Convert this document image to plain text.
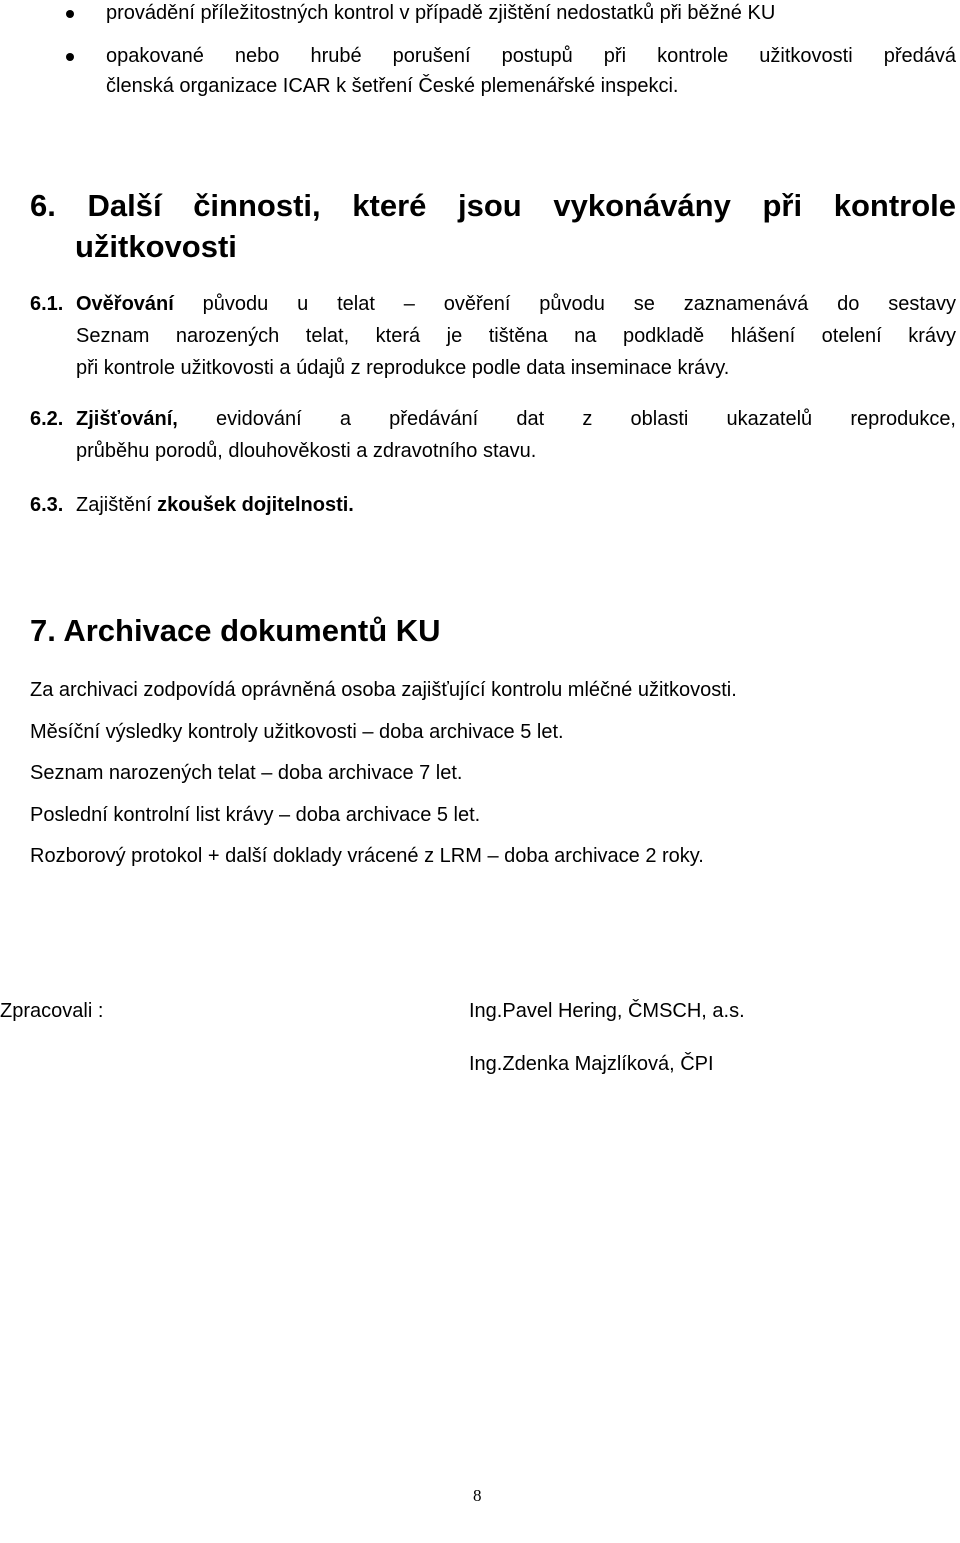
provádění příležitostných kontrol v případě zjištění nedostatků při běžné KU
opakované nebo hrubé porušení postupů při kontrole užitkovosti předává
členská organizace ICAR k šetření České plemenářské inspekci.
6. Další činnosti, které jsou vykonávány při kontrole
užitkovosti
6.1. Ověřování původu u telat – ověření původu se zaznamenává do sestavy
Seznam narozených telat, která je tištěna na podkladě hlášení otelení krávy
při kontrole užitkovosti a údajů z reprodukce podle data inseminace krávy.
6.2. Zjišťování, evidování a předávání dat z oblasti ukazatelů reprodukce,
průběhu porodů, dlouhověkosti a zdravotního stavu.
6.3. Zajištění zkoušek dojitelnosti.
7. Archivace dokumentů KU
Za archivaci zodpovídá oprávněná osoba zajišťující kontrolu mléčné užitkovosti.
Měsíční výsledky kontroly užitkovosti – doba archivace 5 let.
Seznam narozených telat – doba archivace 7 let.
Poslední kontrolní list krávy – doba archivace 5 let.
Rozborový protokol + další doklady vrácené z LRM – doba archivace 2 roky.
Zpracovali :	Ing.Pavel Hering, ČMSCH, a.s.
Ing.Zdenka Majzlíková, ČPI
8
